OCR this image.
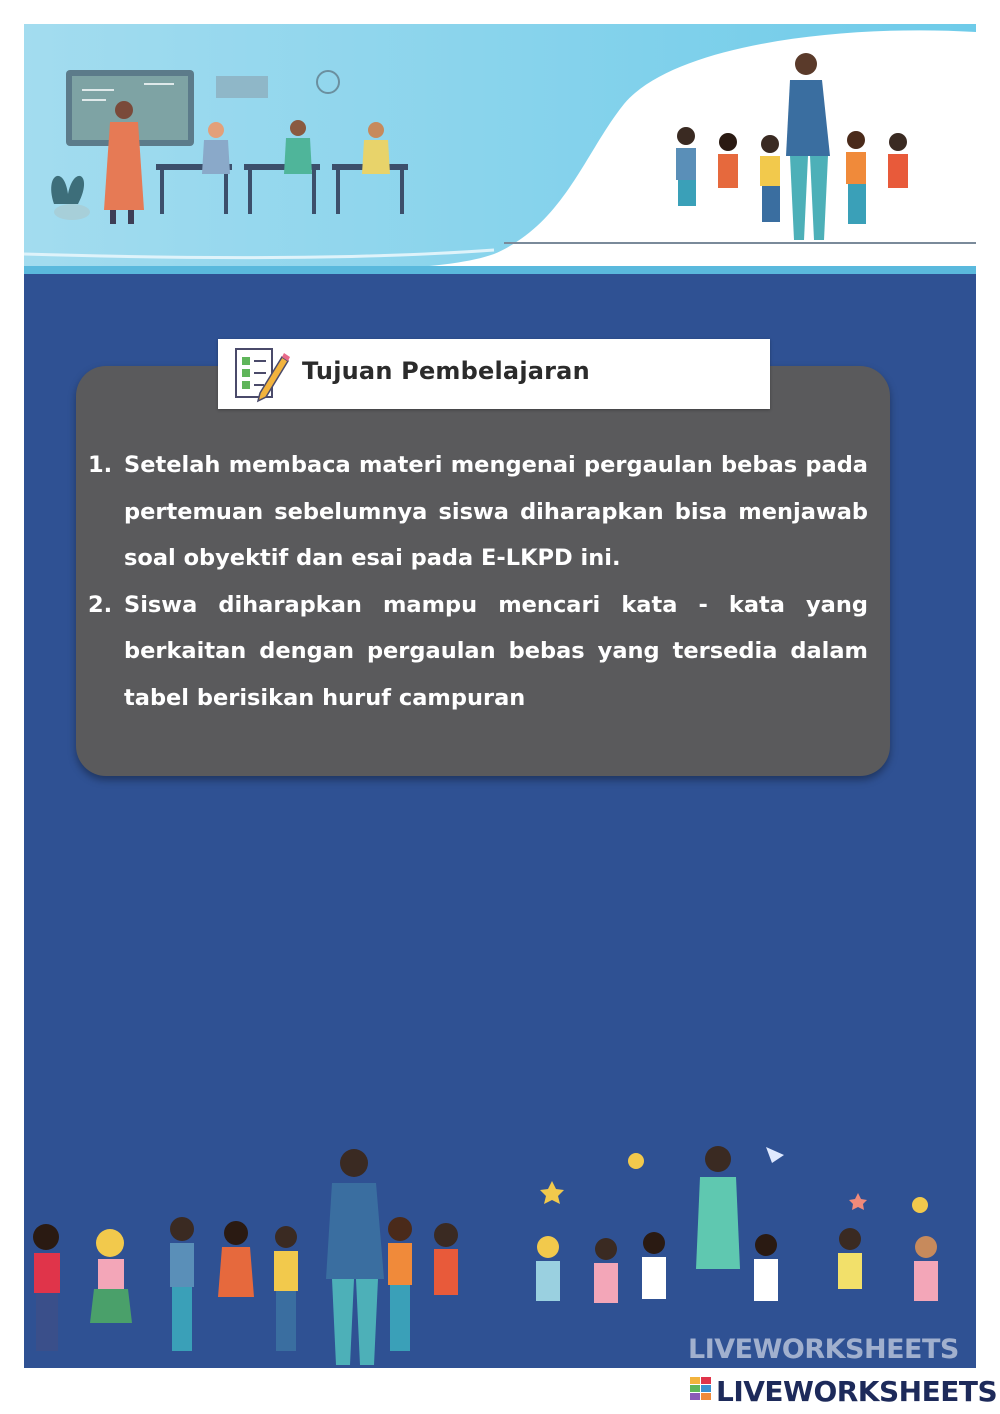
Tujuan Pembelajaran
1. Setelah membaca materi mengenai pergaulan bebas pada pertemuan sebelumnya siswa diharapkan bisa menjawab soal obyektif dan esai pada E-LKPD ini.
2. Siswa diharapkan mampu mencari kata - kata yang berkaitan dengan pergaulan bebas yang tersedia dalam tabel berisikan huruf campuran
LIVEWORKSHEETS
LIVEWORKSHEETS
